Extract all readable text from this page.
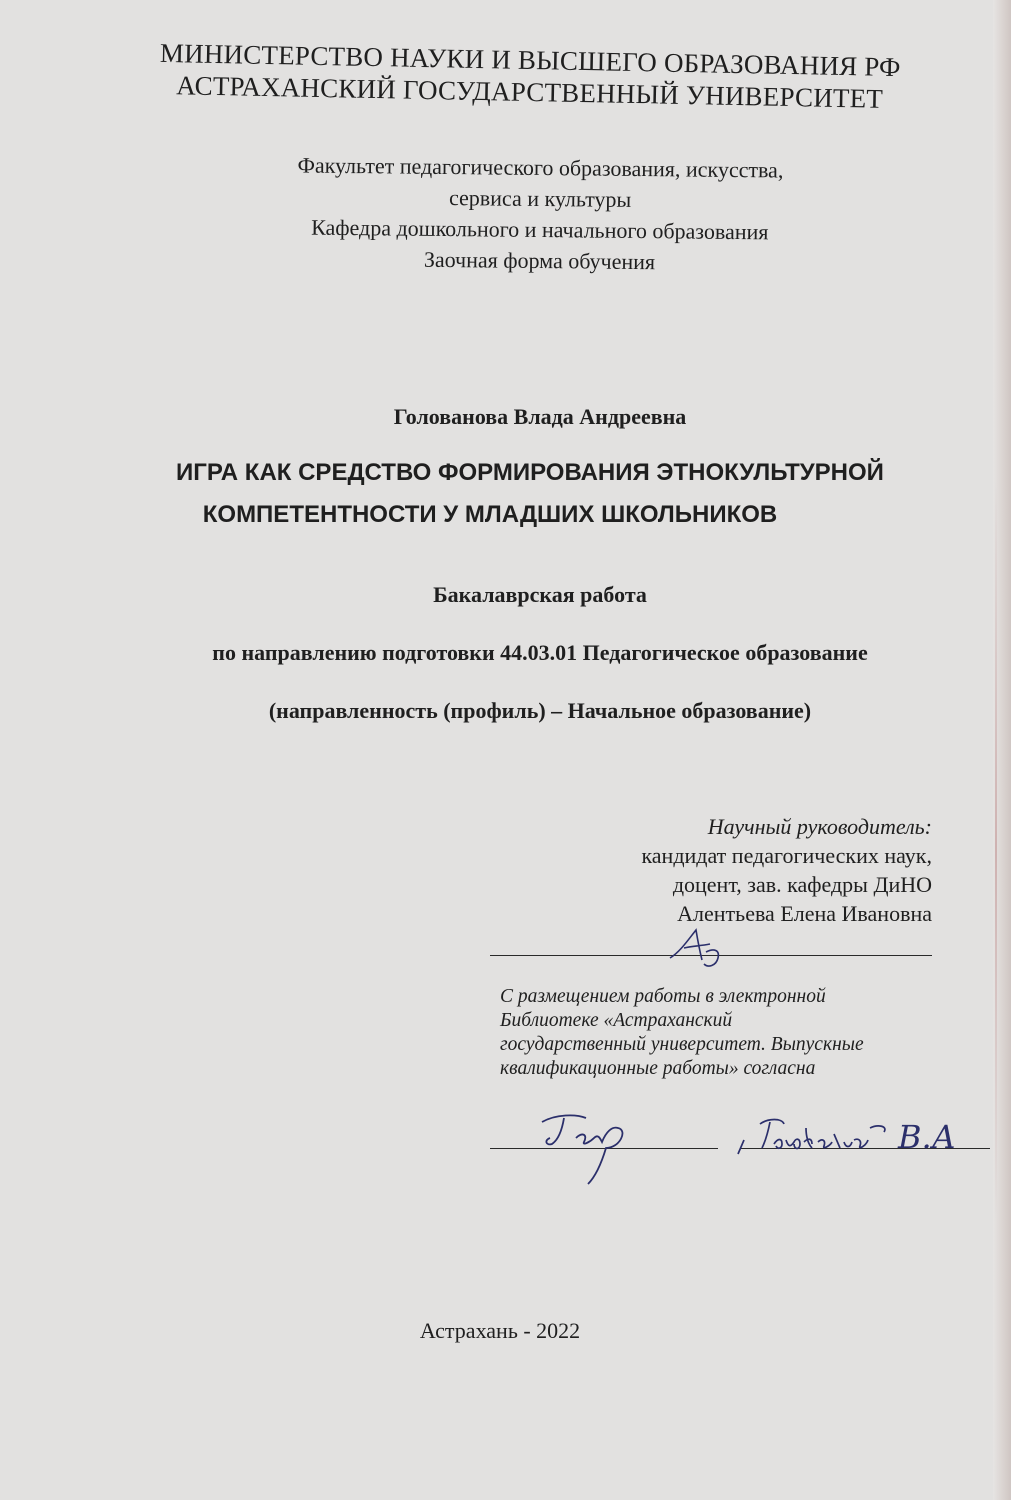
МИНИСТЕРСТВО НАУКИ И ВЫСШЕГО ОБРАЗОВАНИЯ РФ
АСТРАХАНСКИЙ ГОСУДАРСТВЕННЫЙ УНИВЕРСИТЕТ
Факультет педагогического образования, искусства,
сервиса и культуры
Кафедра дошкольного и начального образования
Заочная форма обучения
Голованова Влада Андреевна
ИГРА КАК СРЕДСТВО ФОРМИРОВАНИЯ ЭТНОКУЛЬТУРНОЙ
КОМПЕТЕНТНОСТИ У МЛАДШИХ ШКОЛЬНИКОВ
Бакалаврская работа
по направлению подготовки 44.03.01 Педагогическое образование
(направленность (профиль) – Начальное образование)
Научный руководитель:
кандидат педагогических наук,
доцент, зав. кафедры ДиНО
Алентьева Елена Ивановна
С размещением работы в электронной
Библиотеке «Астраханский
государственный университет. Выпускные
квалификационные работы» согласна
В.А
Астрахань - 2022
